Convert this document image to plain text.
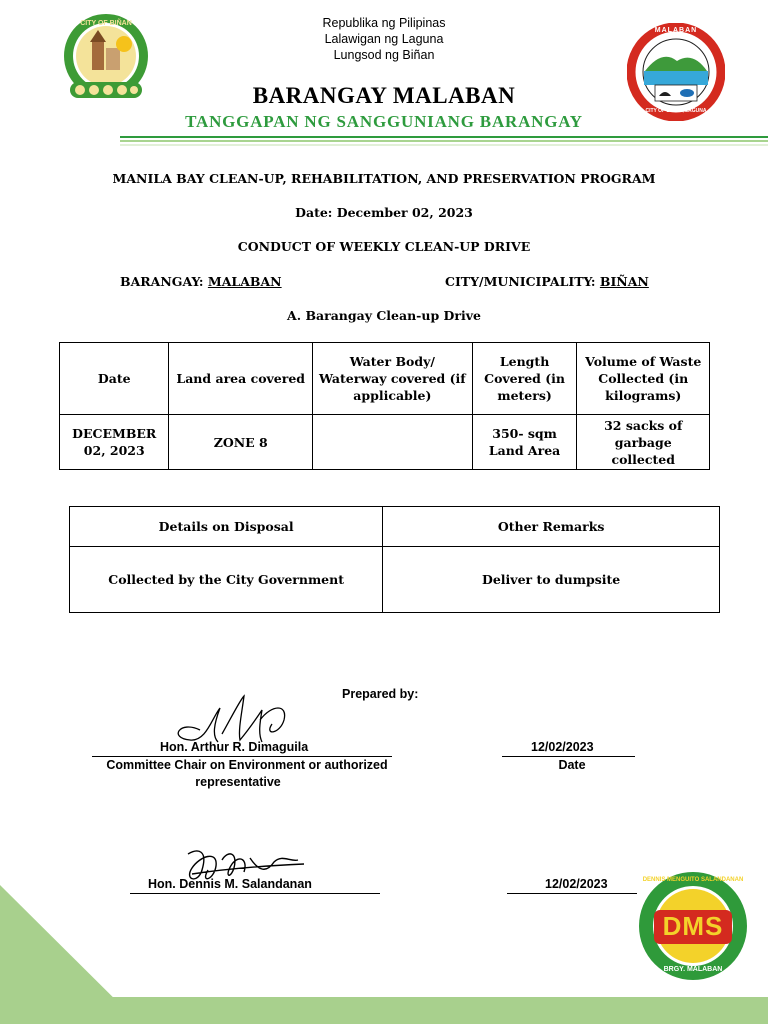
CITY OF BIÑAN
MALABAN
CITY OF BIÑAN, LAGUNA
Republika ng Pilipinas
Lalawigan ng Laguna
Lungsod ng Biñan
BARANGAY MALABAN
TANGGAPAN NG SANGGUNIANG BARANGAY
MANILA BAY CLEAN-UP, REHABILITATION, AND PRESERVATION PROGRAM
Date: December 02, 2023
CONDUCT OF WEEKLY CLEAN-UP DRIVE
BARANGAY: MALABAN	CITY/MUNICIPALITY: BIÑAN
A. Barangay Clean-up Drive
Date	Land area covered	Water Body/ Waterway covered (if applicable)	Length Covered (in meters)	Volume of Waste Collected (in kilograms)
DECEMBER 02, 2023	ZONE 8		350- sqm Land Area	32 sacks of garbage collected
Details on Disposal	Other Remarks
Collected by the City Government	Deliver to dumpsite
Prepared by:
Hon. Arthur R. Dimaguila
Committee Chair on Environment or authorized
representative
12/02/2023
Date
Hon. Dennis M. Salandanan	12/02/2023	DENNIS MENGUITO SALANDANAN
DMS
BRGY. MALABAN
